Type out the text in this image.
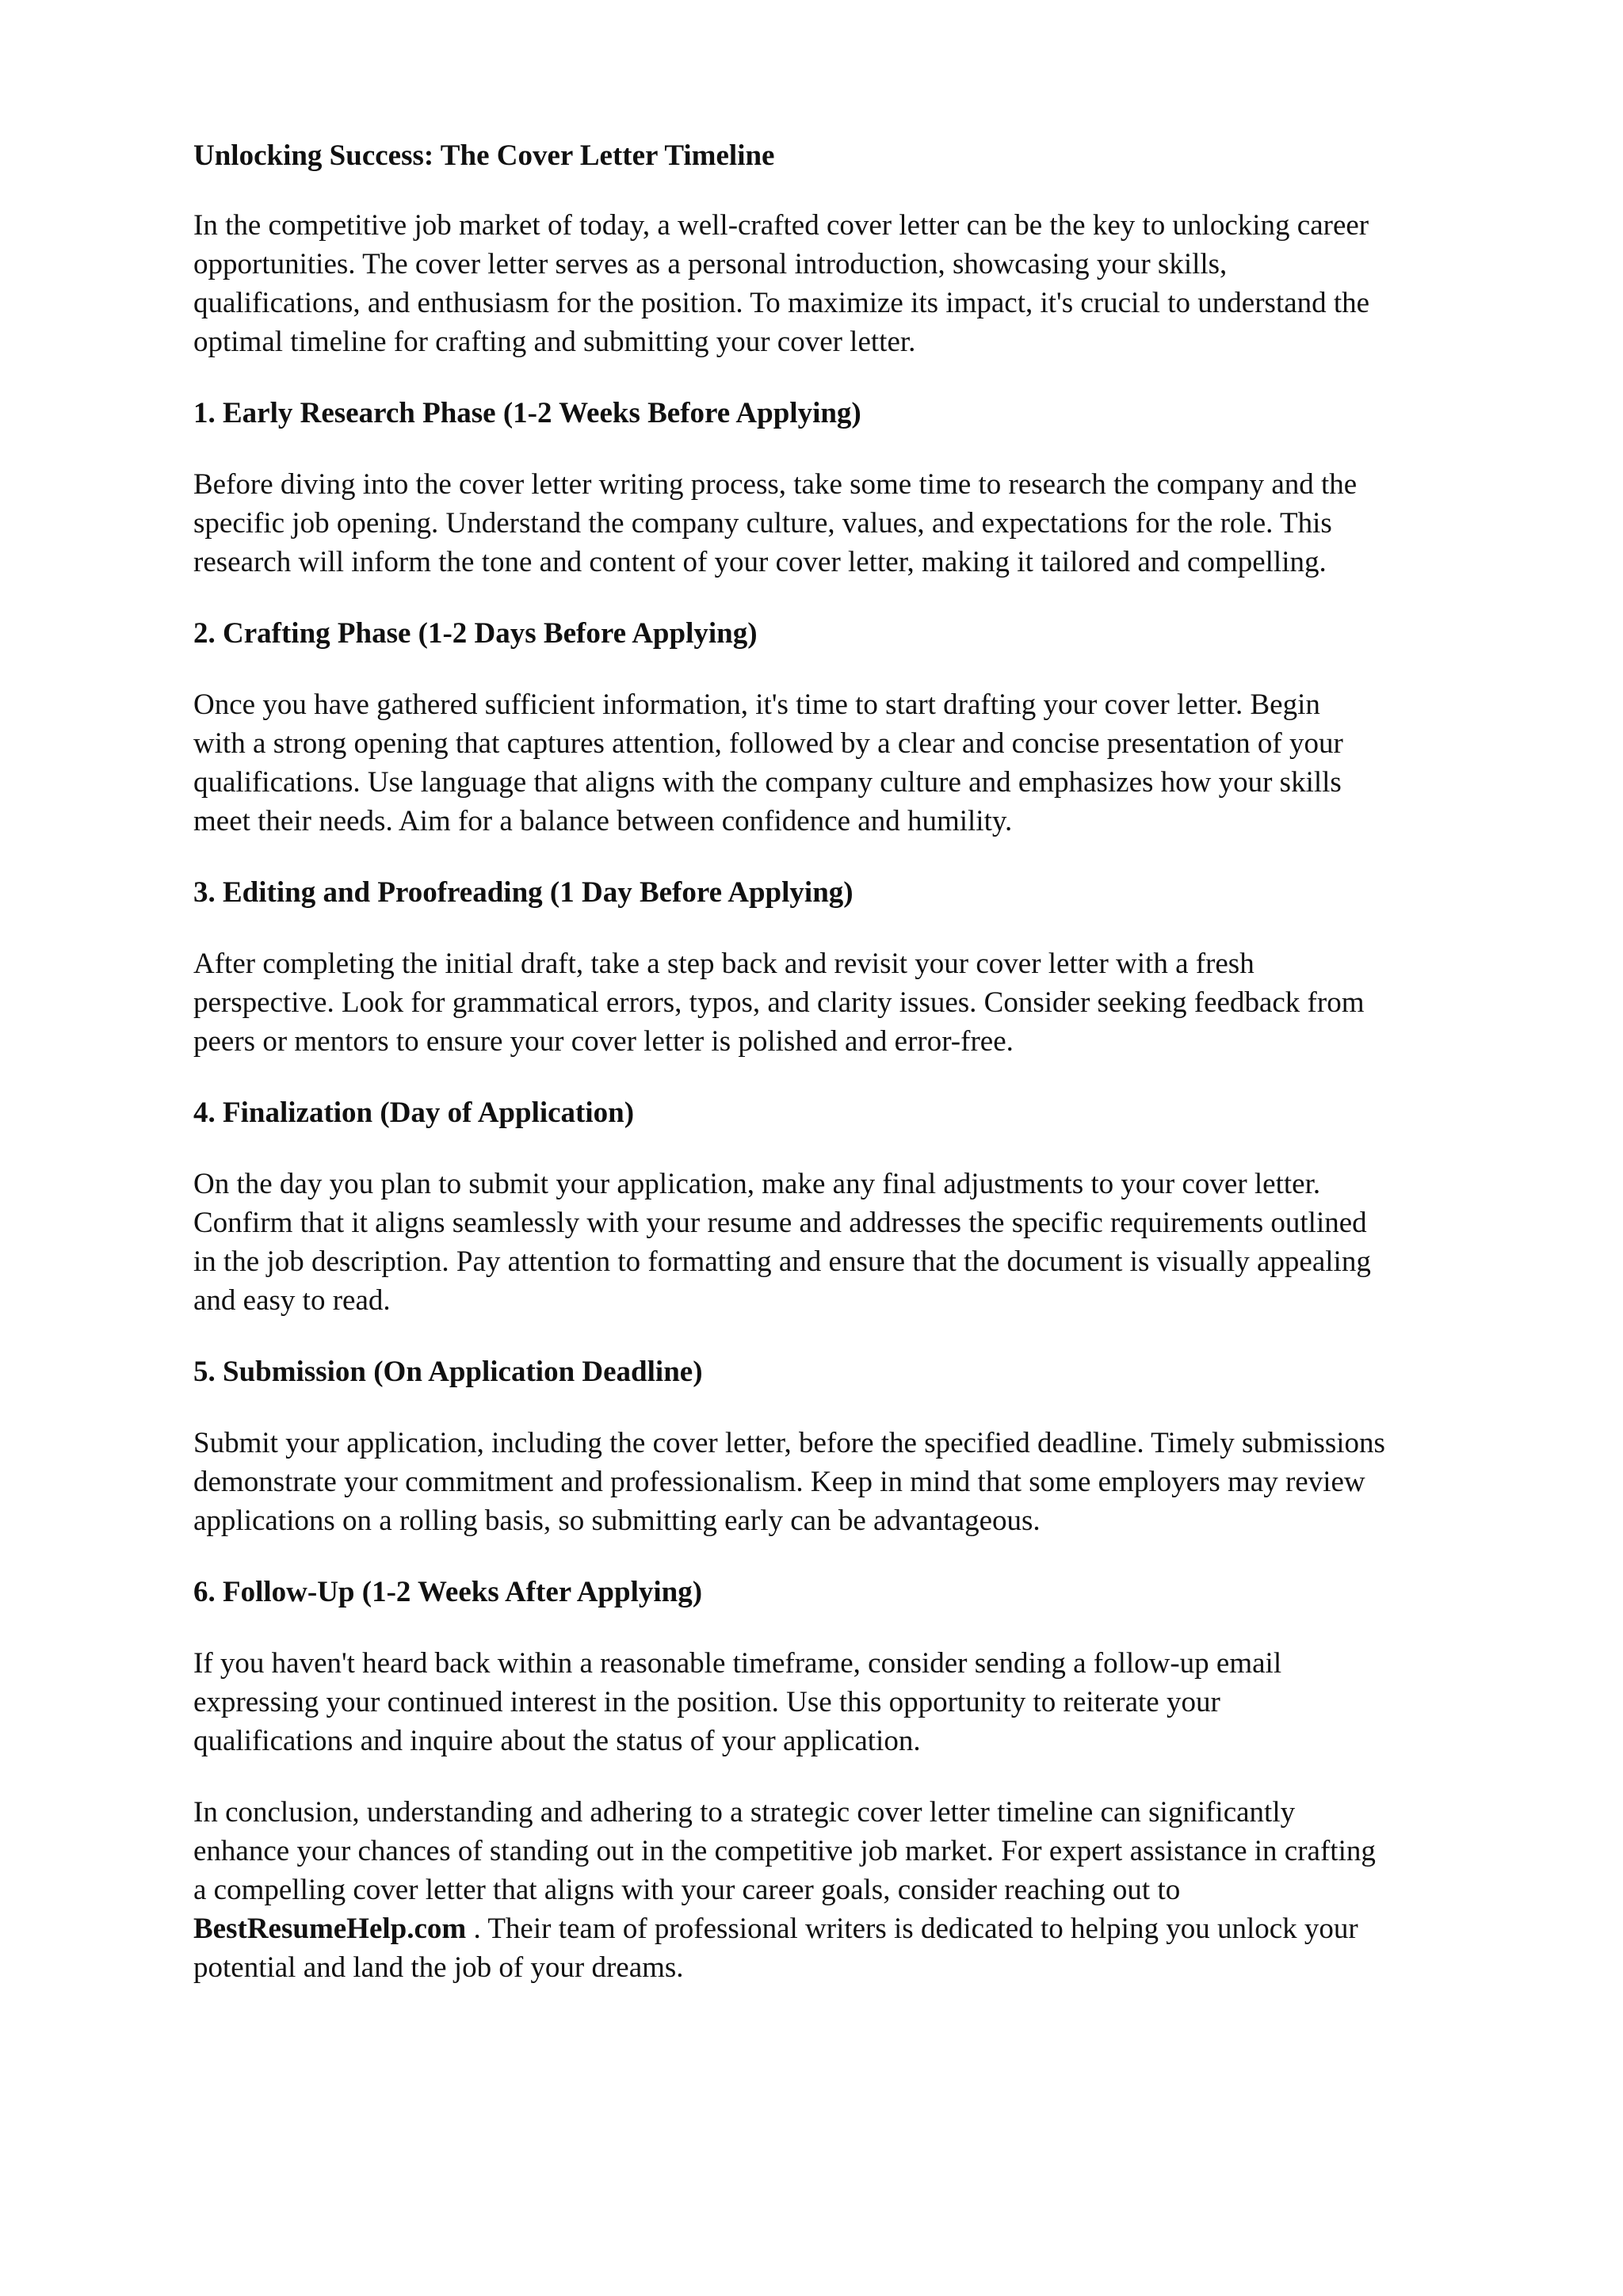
Unlocking Success: The Cover Letter Timeline
In the competitive job market of today, a well-crafted cover letter can be the key to unlocking career
opportunities. The cover letter serves as a personal introduction, showcasing your skills,
qualifications, and enthusiasm for the position. To maximize its impact, it's crucial to understand the
optimal timeline for crafting and submitting your cover letter.
1. Early Research Phase (1-2 Weeks Before Applying)
Before diving into the cover letter writing process, take some time to research the company and the
specific job opening. Understand the company culture, values, and expectations for the role. This
research will inform the tone and content of your cover letter, making it tailored and compelling.
2. Crafting Phase (1-2 Days Before Applying)
Once you have gathered sufficient information, it's time to start drafting your cover letter. Begin
with a strong opening that captures attention, followed by a clear and concise presentation of your
qualifications. Use language that aligns with the company culture and emphasizes how your skills
meet their needs. Aim for a balance between confidence and humility.
3. Editing and Proofreading (1 Day Before Applying)
After completing the initial draft, take a step back and revisit your cover letter with a fresh
perspective. Look for grammatical errors, typos, and clarity issues. Consider seeking feedback from
peers or mentors to ensure your cover letter is polished and error-free.
4. Finalization (Day of Application)
On the day you plan to submit your application, make any final adjustments to your cover letter.
Confirm that it aligns seamlessly with your resume and addresses the specific requirements outlined
in the job description. Pay attention to formatting and ensure that the document is visually appealing
and easy to read.
5. Submission (On Application Deadline)
Submit your application, including the cover letter, before the specified deadline. Timely submissions
demonstrate your commitment and professionalism. Keep in mind that some employers may review
applications on a rolling basis, so submitting early can be advantageous.
6. Follow-Up (1-2 Weeks After Applying)
If you haven't heard back within a reasonable timeframe, consider sending a follow-up email
expressing your continued interest in the position. Use this opportunity to reiterate your
qualifications and inquire about the status of your application.
In conclusion, understanding and adhering to a strategic cover letter timeline can significantly
enhance your chances of standing out in the competitive job market. For expert assistance in crafting
a compelling cover letter that aligns with your career goals, consider reaching out to
BestResumeHelp.com . Their team of professional writers is dedicated to helping you unlock your
potential and land the job of your dreams.
